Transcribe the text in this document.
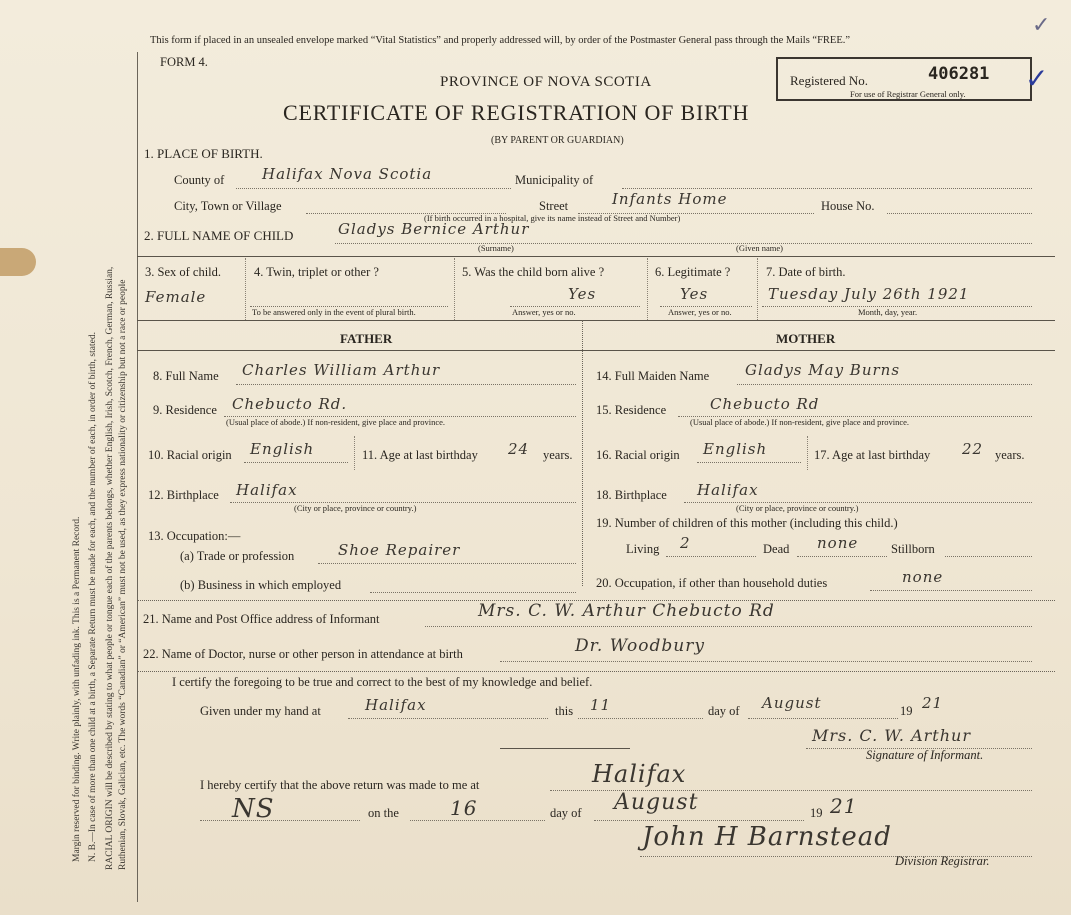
Margin reserved for binding. Write plainly, with unfading ink. This is a Permanent Record. N. B.—In case of more than one child at a birth, a Separate Return must be made for each, and the number of each, in order of birth, stated. RACIAL ORIGIN will be described by stating to what people or tongue each of the parents belongs, whether English, Irish, Scotch, French, German, Russian, Ruthenian, Slovak, Galician, etc. The words “Canadian” or “American” must not be used, as they express nationality or citizenship but not a race or people
This form if placed in an unsealed envelope marked “Vital Statistics” and properly addressed will, by order of the Postmaster General pass through the Mails “FREE.”
FORM 4.
PROVINCE OF NOVA SCOTIA
CERTIFICATE OF REGISTRATION OF BIRTH
(BY PARENT OR GUARDIAN)
Registered No.	406281
For use of Registrar General only.
✓
✓
1. PLACE OF BIRTH.
County of	Halifax Nova Scotia	Municipality of
City, Town or Village	Street	Infants Home	House No.
(If birth occurred in a hospital, give its name instead of Street and Number)
2. FULL NAME OF CHILD	Gladys Bernice Arthur
(Surname)	(Given name)
3. Sex of child.
Female
4. Twin, triplet or other ?
To be answered only in the event of plural birth.
5. Was the child born alive ?
Yes
Answer, yes or no.
6. Legitimate ?
Yes
Answer, yes or no.
7. Date of birth.
Tuesday July 26th 1921
Month, day, year.
FATHER	MOTHER
8. Full Name Charles William Arthur
9. Residence Chebucto Rd.
(Usual place of abode.) If non-resident, give place and province.
10. Racial origin English	11. Age at last birthday 24 years.
12. Birthplace Halifax
(City or place, province or country.)
13. Occupation:—
(a) Trade or profession	Shoe Repairer
(b) Business in which employed
14. Full Maiden Name Gladys May Burns
15. Residence	Chebucto Rd
(Usual place of abode.) If non-resident, give place and province.
16. Racial origin English	17. Age at last birthday 22 years.
18. Birthplace Halifax
(City or place, province or country.)
19. Number of children of this mother (including this child.)
Living 2	Dead none	Stillborn
20. Occupation, if other than household duties	none
21. Name and Post Office address of Informant	Mrs. C. W. Arthur Chebucto Rd
22. Name of Doctor, nurse or other person in attendance at birth	Dr. Woodbury
I certify the foregoing to be true and correct to the best of my knowledge and belief.
Given under my hand at	Halifax	this 11	day of August	19 21
Mrs. C. W. Arthur
Signature of Informant.
I hereby certify that the above return was made to me at	Halifax
NS	on the	16	day of August	19 21
John H Barnstead
Division Registrar.
